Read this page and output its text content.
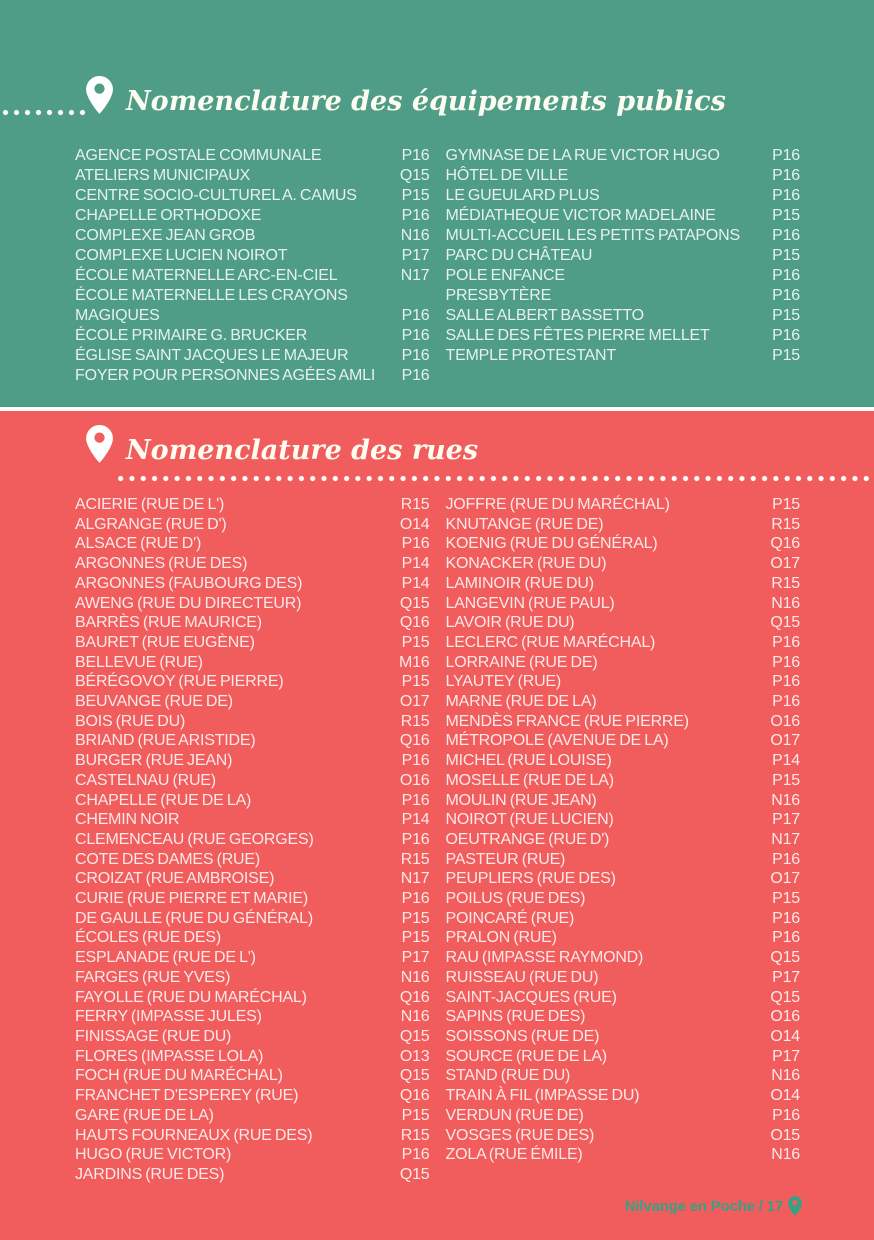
Nomenclature des équipements publics
AGENCE POSTALE COMMUNALE	P16
ATELIERS MUNICIPAUX	Q15
CENTRE SOCIO-CULTUREL A. CAMUS	P15
CHAPELLE ORTHODOXE	P16
COMPLEXE JEAN GROB	N16
COMPLEXE LUCIEN NOIROT	P17
ÉCOLE MATERNELLE ARC-EN-CIEL	N17
ÉCOLE MATERNELLE LES CRAYONS MAGIQUES	P16
ÉCOLE PRIMAIRE G. BRUCKER	P16
ÉGLISE SAINT JACQUES LE MAJEUR	P16
FOYER POUR PERSONNES AGÉES AMLI	P16
GYMNASE DE LA RUE VICTOR HUGO	P16
HÔTEL DE VILLE	P16
LE GUEULARD PLUS	P16
MÉDIATHEQUE VICTOR MADELAINE	P15
MULTI-ACCUEIL LES PETITS PATAPONS	P16
PARC DU CHÂTEAU	P15
POLE ENFANCE	P16
PRESBYTÈRE	P16
SALLE ALBERT BASSETTO	P15
SALLE DES FÊTES PIERRE MELLET	P16
TEMPLE PROTESTANT	P15
Nomenclature des rues
ACIERIE (RUE DE L')	R15
ALGRANGE (RUE D')	O14
ALSACE (RUE D')	P16
ARGONNES (RUE DES)	P14
ARGONNES (FAUBOURG DES)	P14
AWENG (RUE DU DIRECTEUR)	Q15
BARRÈS (RUE MAURICE)	Q16
BAURET (RUE EUGÈNE)	P15
BELLEVUE (RUE)	M16
BÉRÉGOVOY (RUE PIERRE)	P15
BEUVANGE (RUE DE)	O17
BOIS (RUE DU)	R15
BRIAND (RUE ARISTIDE)	Q16
BURGER (RUE JEAN)	P16
CASTELNAU (RUE)	O16
CHAPELLE (RUE DE LA)	P16
CHEMIN NOIR	P14
CLEMENCEAU (RUE GEORGES)	P16
COTE DES DAMES (RUE)	R15
CROIZAT (RUE AMBROISE)	N17
CURIE (RUE PIERRE ET MARIE)	P16
DE GAULLE (RUE DU GÉNÉRAL)	P15
ÉCOLES (RUE DES)	P15
ESPLANADE (RUE DE L')	P17
FARGES (RUE YVES)	N16
FAYOLLE (RUE DU MARÉCHAL)	Q16
FERRY (IMPASSE JULES)	N16
FINISSAGE (RUE DU)	Q15
FLORES (IMPASSE LOLA)	O13
FOCH (RUE DU MARÉCHAL)	Q15
FRANCHET D'ESPEREY (RUE)	Q16
GARE (RUE DE LA)	P15
HAUTS FOURNEAUX (RUE DES)	R15
HUGO (RUE VICTOR)	P16
JARDINS (RUE DES)	Q15
JOFFRE (RUE DU MARÉCHAL)	P15
KNUTANGE (RUE DE)	R15
KOENIG (RUE DU GÉNÉRAL)	Q16
KONACKER (RUE DU)	O17
LAMINOIR (RUE DU)	R15
LANGEVIN (RUE PAUL)	N16
LAVOIR (RUE DU)	Q15
LECLERC (RUE MARÉCHAL)	P16
LORRAINE (RUE DE)	P16
LYAUTEY (RUE)	P16
MARNE (RUE DE LA)	P16
MENDÈS FRANCE (RUE PIERRE)	O16
MÉTROPOLE (AVENUE DE LA)	O17
MICHEL (RUE LOUISE)	P14
MOSELLE (RUE DE LA)	P15
MOULIN (RUE JEAN)	N16
NOIROT (RUE LUCIEN)	P17
OEUTRANGE (RUE D')	N17
PASTEUR (RUE)	P16
PEUPLIERS (RUE DES)	O17
POILUS (RUE DES)	P15
POINCARÉ (RUE)	P16
PRALON (RUE)	P16
RAU (IMPASSE RAYMOND)	Q15
RUISSEAU (RUE DU)	P17
SAINT-JACQUES (RUE)	Q15
SAPINS (RUE DES)	O16
SOISSONS (RUE DE)	O14
SOURCE (RUE DE LA)	P17
STAND (RUE DU)	N16
TRAIN À FIL (IMPASSE DU)	O14
VERDUN (RUE DE)	P16
VOSGES (RUE DES)	O15
ZOLA (RUE ÉMILE)	N16
Nilvange en Poche / 17
